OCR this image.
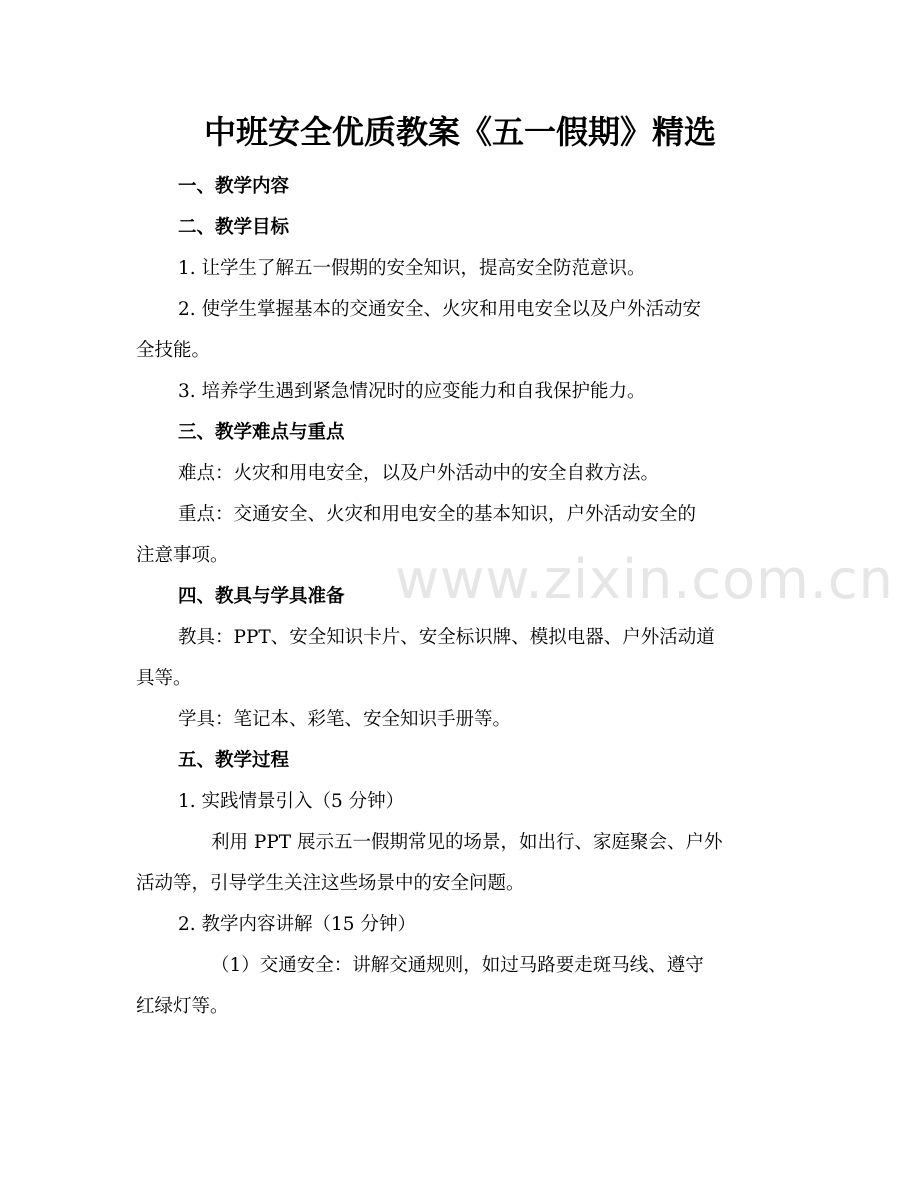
www.zixin.com.cn
中班安全优质教案《五一假期》精选
一、教学内容
二、教学目标
1. 让学生了解五一假期的安全知识，提高安全防范意识。
2. 使学生掌握基本的交通安全、火灾和用电安全以及户外活动安
全技能。
3. 培养学生遇到紧急情况时的应变能力和自我保护能力。
三、教学难点与重点
难点：火灾和用电安全，以及户外活动中的安全自救方法。
重点：交通安全、火灾和用电安全的基本知识，户外活动安全的
注意事项。
四、教具与学具准备
教具：PPT、安全知识卡片、安全标识牌、模拟电器、户外活动道
具等。
学具：笔记本、彩笔、安全知识手册等。
五、教学过程
1. 实践情景引入（5 分钟）
利用 PPT 展示五一假期常见的场景，如出行、家庭聚会、户外
活动等，引导学生关注这些场景中的安全问题。
2. 教学内容讲解（15 分钟）
（1）交通安全：讲解交通规则，如过马路要走斑马线、遵守
红绿灯等。
